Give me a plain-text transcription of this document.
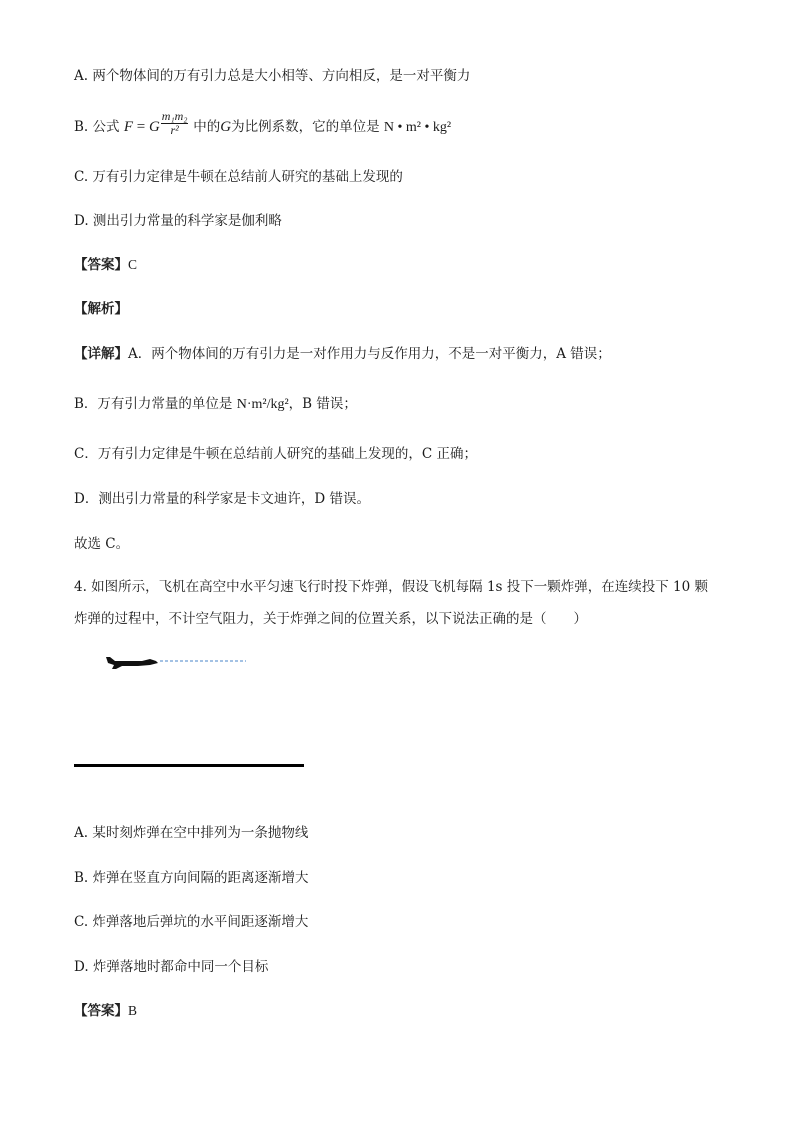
A. 两个物体间的万有引力总是大小相等、方向相反，是一对平衡力
B. 公式 F = G $\frac{\text{m₁m₂}}{\text{r²}}$ 中的G为比例系数，它的单位是 N • m² • kg²
C. 万有引力定律是牛顿在总结前人研究的基础上发现的
D. 测出引力常量的科学家是伽利略
【答案】C
【解析】
【详解】A．两个物体间的万有引力是一对作用力与反作用力，不是一对平衡力，A 错误；
B．万有引力常量的单位是 N·m²/kg²，B 错误；
C．万有引力定律是牛顿在总结前人研究的基础上发现的，C 正确；
D．测出引力常量的科学家是卡文迪许，D 错误。
故选 C。
4. 如图所示，飞机在高空中水平匀速飞行时投下炸弹，假设飞机每隔 1s 投下一颗炸弹，在连续投下 10 颗
炸弹的过程中，不计空气阻力，关于炸弹之间的位置关系，以下说法正确的是（　　）
A. 某时刻炸弹在空中排列为一条抛物线
B. 炸弹在竖直方向间隔的距离逐渐增大
C. 炸弹落地后弹坑的水平间距逐渐增大
D. 炸弹落地时都命中同一个目标
【答案】B
